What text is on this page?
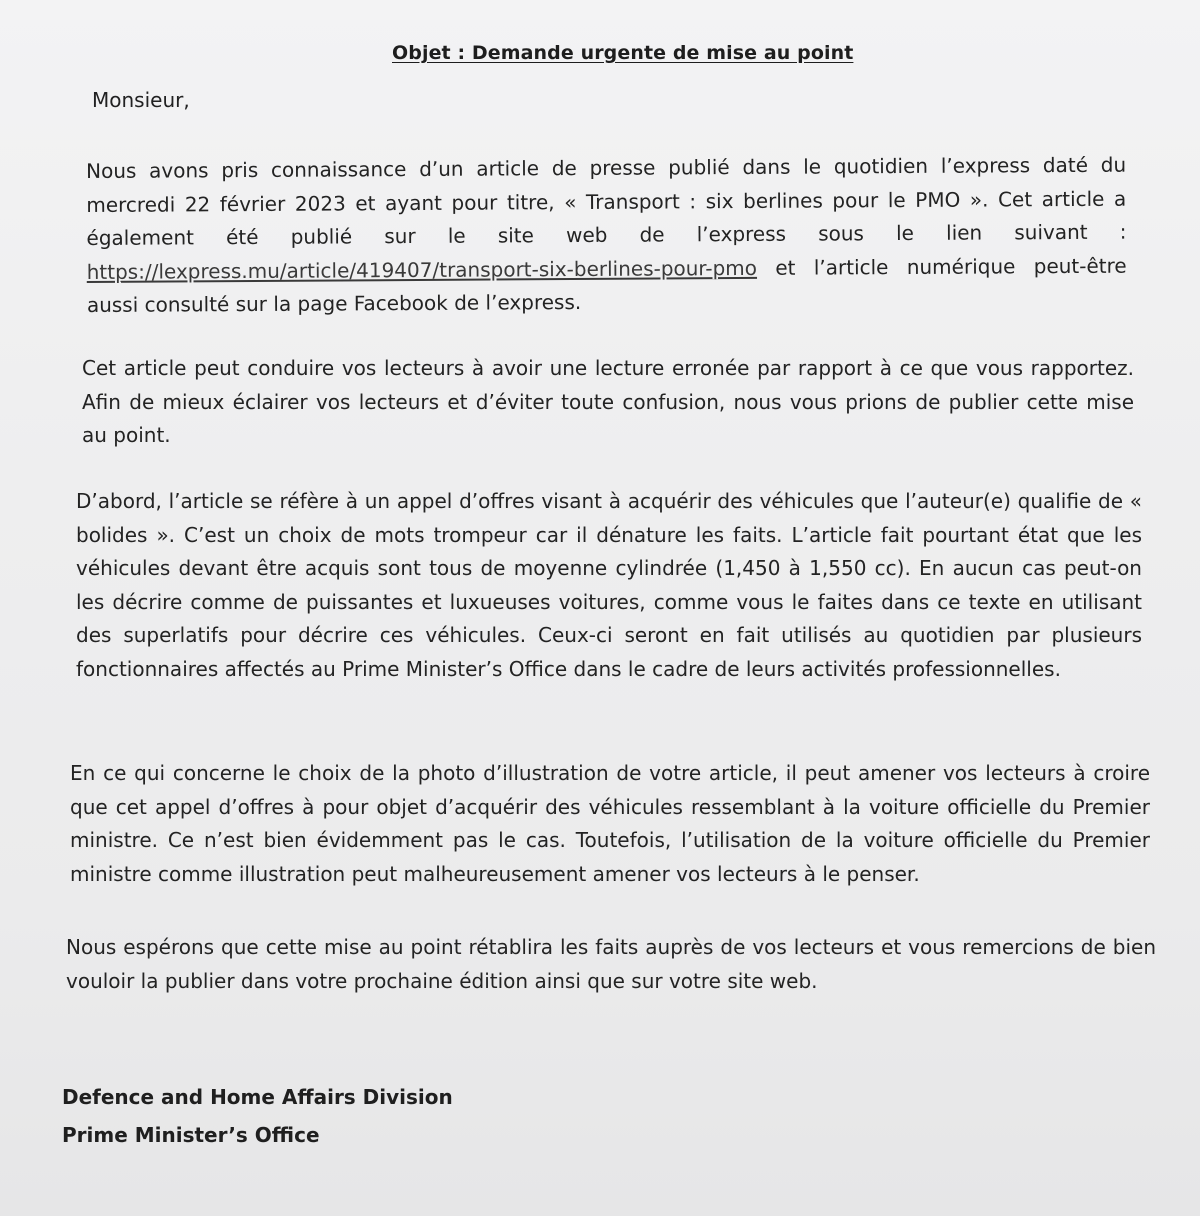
Objet : Demande urgente de mise au point
Monsieur,
Nous avons pris connaissance d’un article de presse publié dans le quotidien l’express daté du mercredi 22 février 2023 et ayant pour titre, « Transport : six berlines pour le PMO ». Cet article a également été publié sur le site web de l’express sous le lien suivant : https://lexpress.mu/article/419407/transport-six-berlines-pour-pmo et l’article numérique peut-être aussi consulté sur la page Facebook de l’express.
Cet article peut conduire vos lecteurs à avoir une lecture erronée par rapport à ce que vous rapportez. Afin de mieux éclairer vos lecteurs et d’éviter toute confusion, nous vous prions de publier cette mise au point.
D’abord, l’article se réfère à un appel d’offres visant à acquérir des véhicules que l’auteur(e) qualifie de « bolides ». C’est un choix de mots trompeur car il dénature les faits. L’article fait pourtant état que les véhicules devant être acquis sont tous de moyenne cylindrée (1,450 à 1,550 cc). En aucun cas peut-on les décrire comme de puissantes et luxueuses voitures, comme vous le faites dans ce texte en utilisant des superlatifs pour décrire ces véhicules. Ceux-ci seront en fait utilisés au quotidien par plusieurs fonctionnaires affectés au Prime Minister’s Office dans le cadre de leurs activités professionnelles.
En ce qui concerne le choix de la photo d’illustration de votre article, il peut amener vos lecteurs à croire que cet appel d’offres à pour objet d’acquérir des véhicules ressemblant à la voiture officielle du Premier ministre. Ce n’est bien évidemment pas le cas. Toutefois, l’utilisation de la voiture officielle du Premier ministre comme illustration peut malheureusement amener vos lecteurs à le penser.
Nous espérons que cette mise au point rétablira les faits auprès de vos lecteurs et vous remercions de bien vouloir la publier dans votre prochaine édition ainsi que sur votre site web.
Defence and Home Affairs Division
Prime Minister’s Office
